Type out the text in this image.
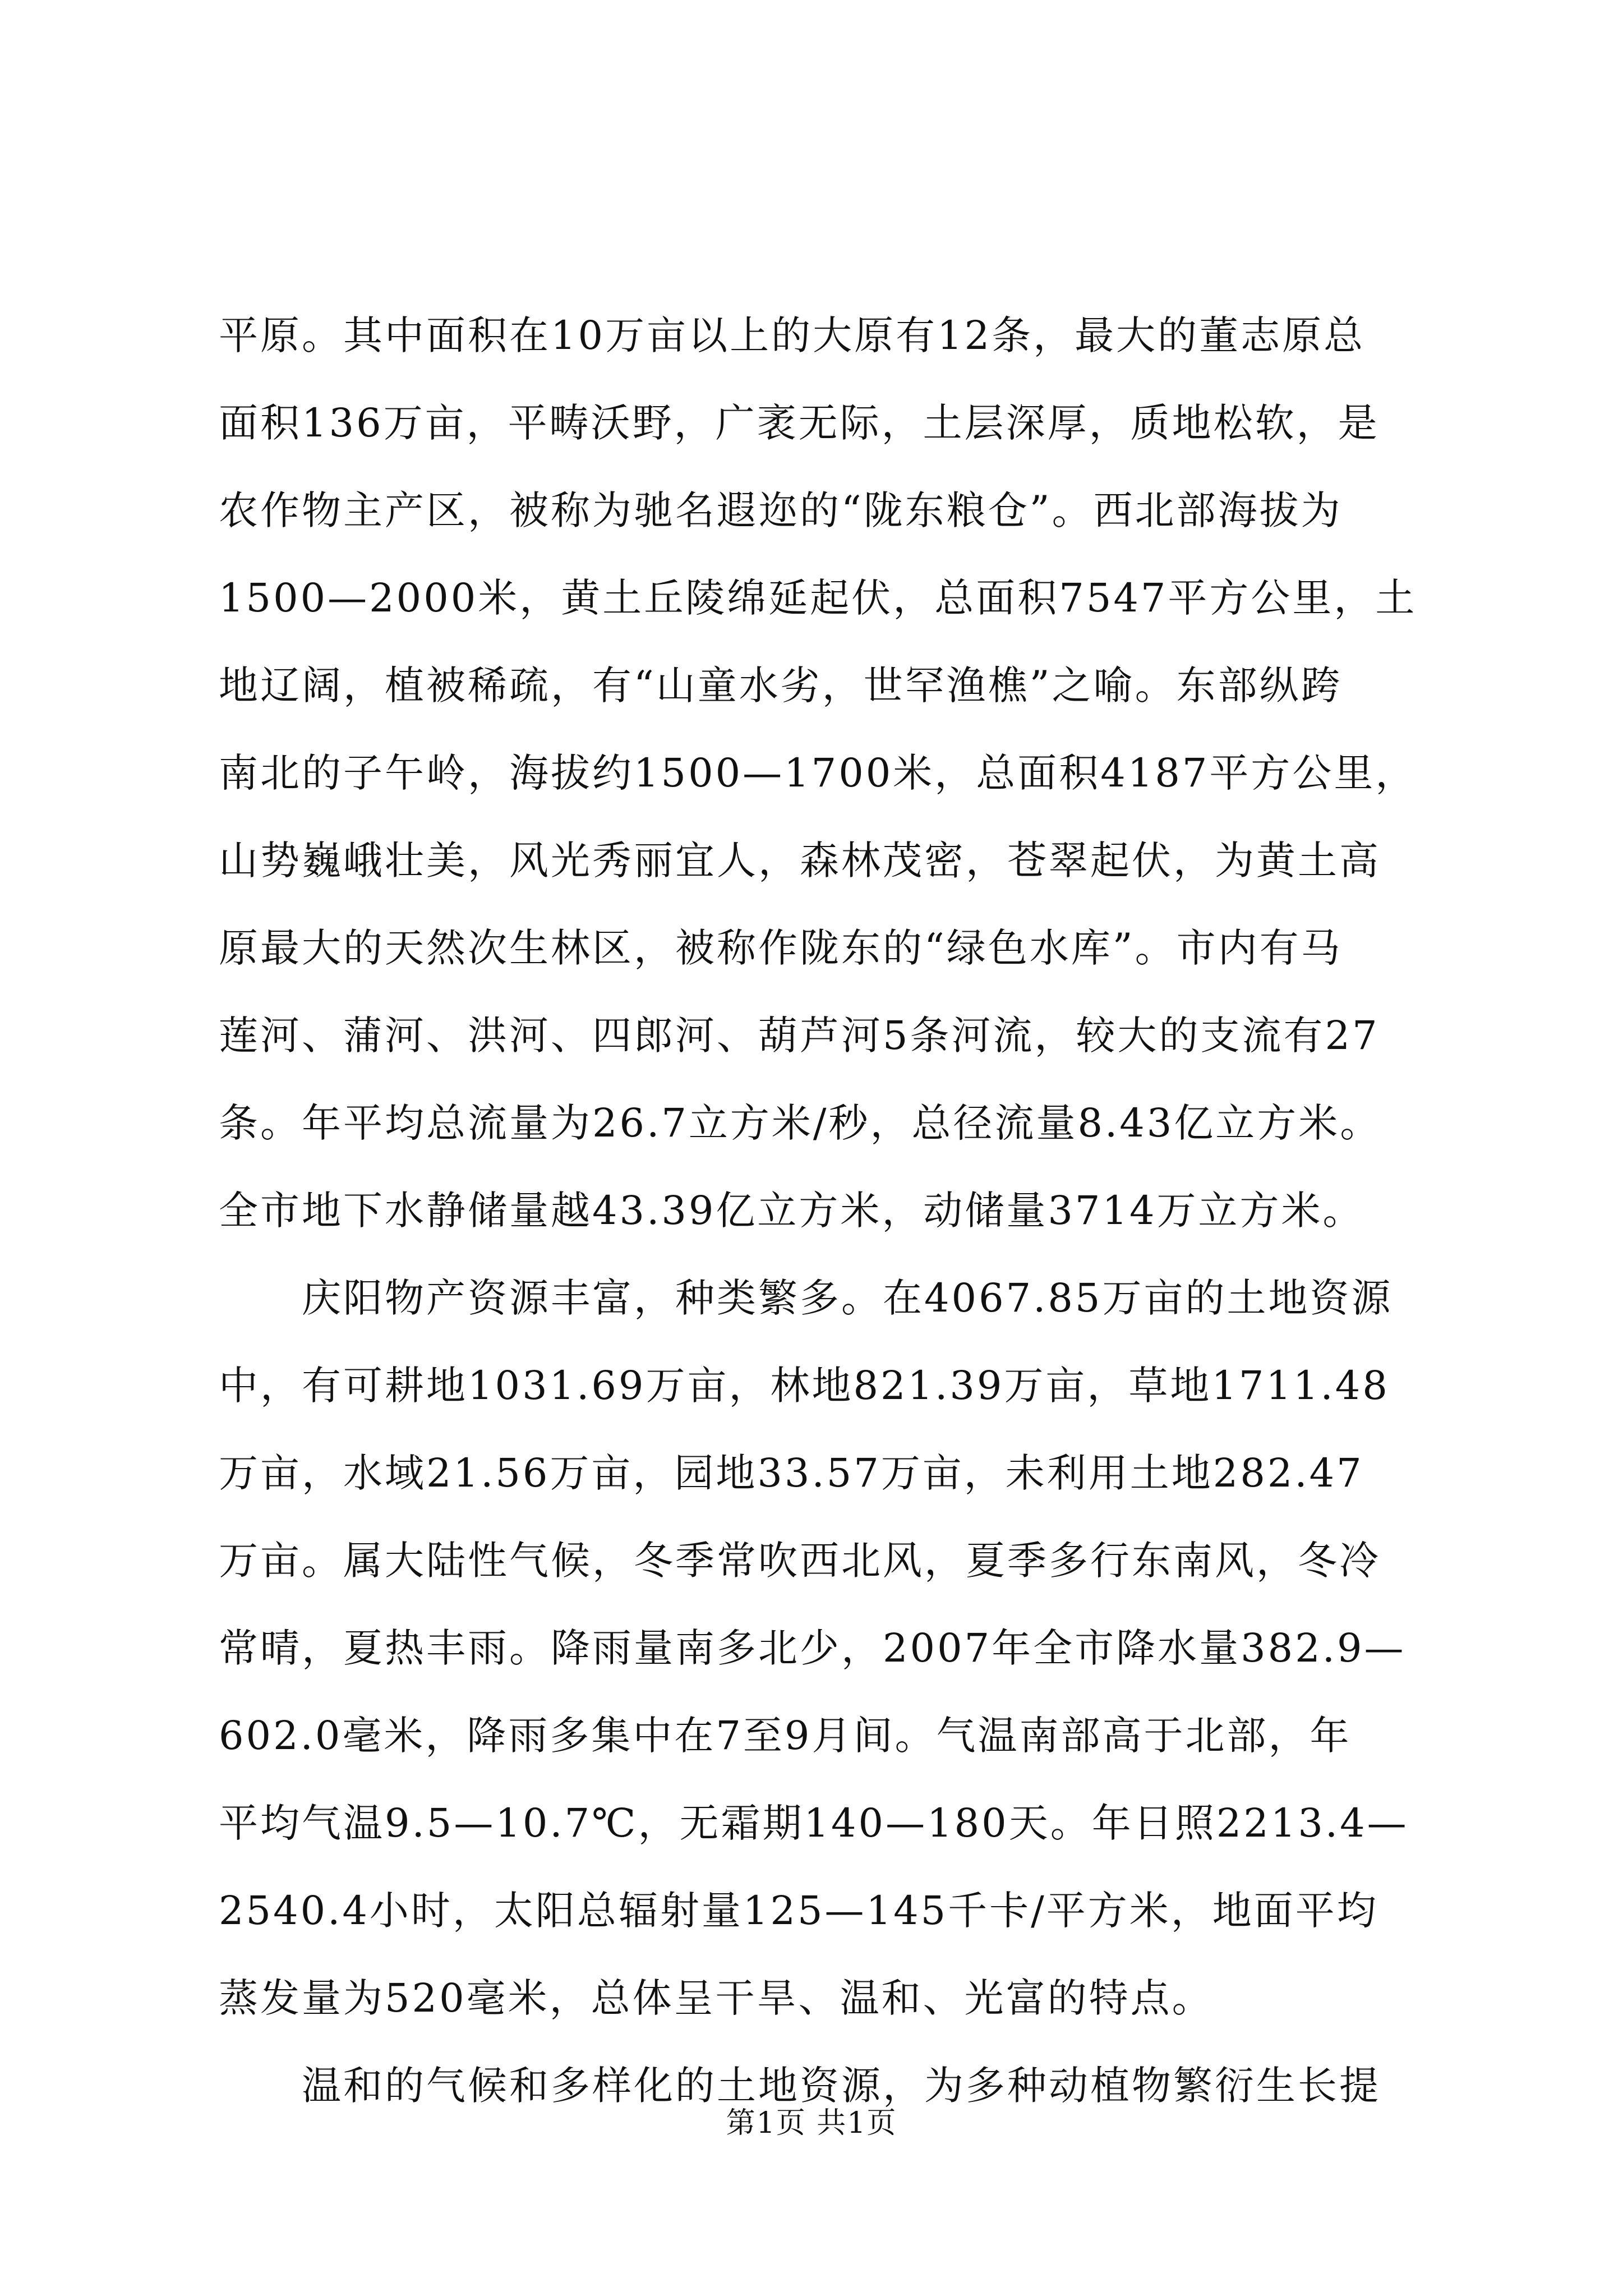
平原。其中面积在10万亩以上的大原有12条，最大的董志原总
面积136万亩，平畴沃野，广袤无际，土层深厚，质地松软，是
农作物主产区，被称为驰名遐迩的“陇东粮仓”。西北部海拔为
1500—2000米，黄土丘陵绵延起伏，总面积7547平方公里，土
地辽阔，植被稀疏，有“山童水劣，世罕渔樵”之喻。东部纵跨
南北的子午岭，海拔约1500—1700米，总面积4187平方公里，
山势巍峨壮美，风光秀丽宜人，森林茂密，苍翠起伏，为黄土高
原最大的天然次生林区，被称作陇东的“绿色水库”。市内有马
莲河、蒲河、洪河、四郎河、葫芦河5条河流，较大的支流有27
条。年平均总流量为26.7立方米/秒，总径流量8.43亿立方米。
全市地下水静储量越43.39亿立方米，动储量3714万立方米。
　　庆阳物产资源丰富，种类繁多。在4067.85万亩的土地资源
中，有可耕地1031.69万亩，林地821.39万亩，草地1711.48
万亩，水域21.56万亩，园地33.57万亩，未利用土地282.47
万亩。属大陆性气候，冬季常吹西北风，夏季多行东南风，冬冷
常晴，夏热丰雨。降雨量南多北少，2007年全市降水量382.9—
602.0毫米，降雨多集中在7至9月间。气温南部高于北部，年
平均气温9.5—10.7℃，无霜期140—180天。年日照2213.4—
2540.4小时，太阳总辐射量125—145千卡/平方米，地面平均
蒸发量为520毫米，总体呈干旱、温和、光富的特点。
　　温和的气候和多样化的土地资源，为多种动植物繁衍生长提
第1页 共1页
